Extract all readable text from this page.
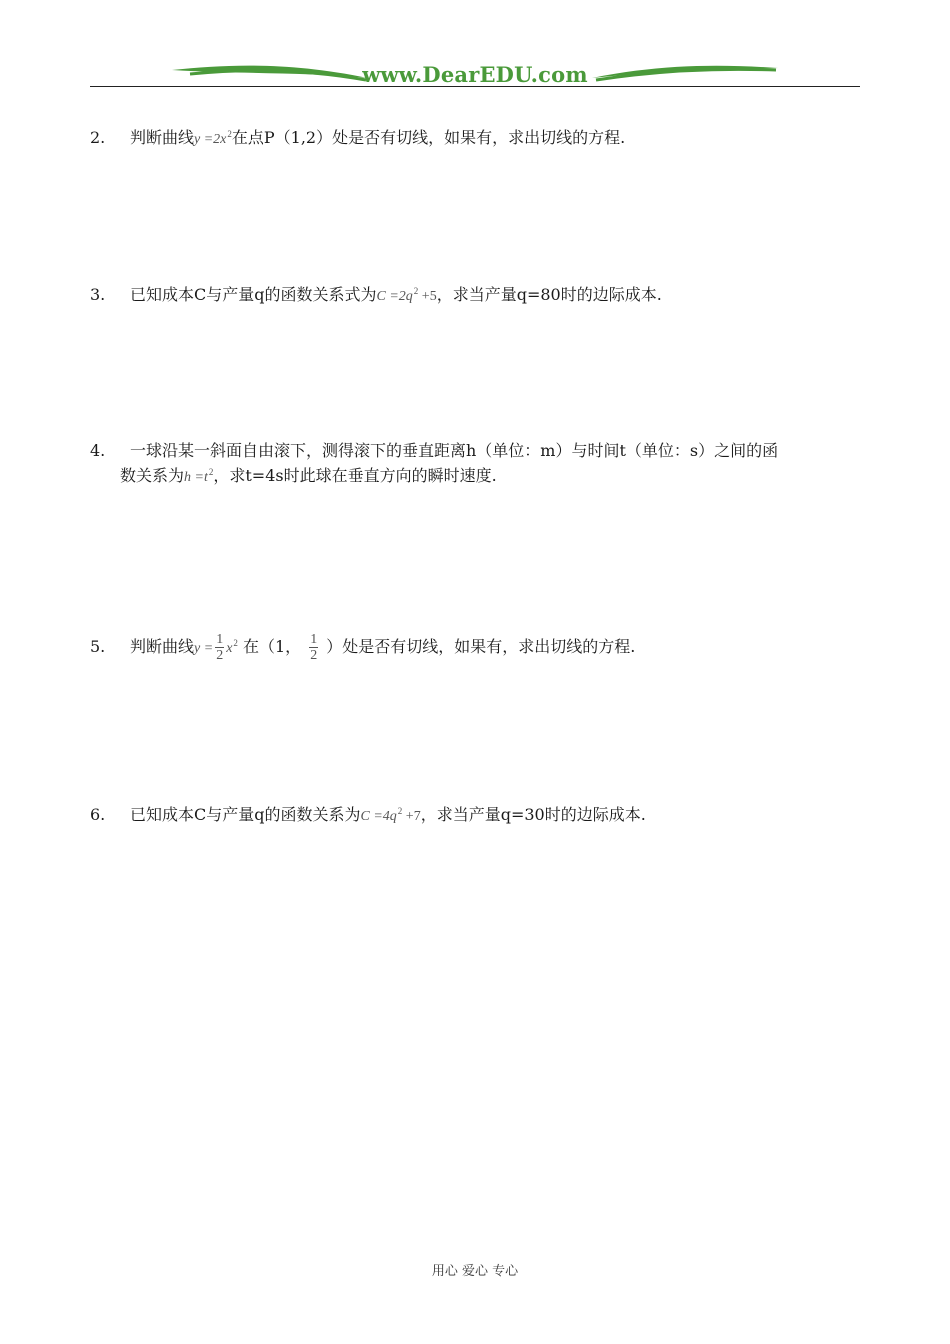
www.DearEDU.com
2. 判断曲线$y =2x^2$在点P（1,2）处是否有切线，如果有，求出切线的方程.
3. 已知成本C与产量q的函数关系式为$C =2q^2 +5$，求当产量q=80时的边际成本.
4. 一球沿某一斜面自由滚下，测得滚下的垂直距离h（单位：m）与时间t（单位：s）之间的函
数关系为$h =t^2$，求t=4s时此球在垂直方向的瞬时速度.
5. 判断曲线$y = \frac{1}{2} x^2$ 在（1， $\frac{1}{2}$ ）处是否有切线，如果有，求出切线的方程.
6. 已知成本C与产量q的函数关系为$C =4q^2 +7$，求当产量q=30时的边际成本.
用心 爱心 专心
